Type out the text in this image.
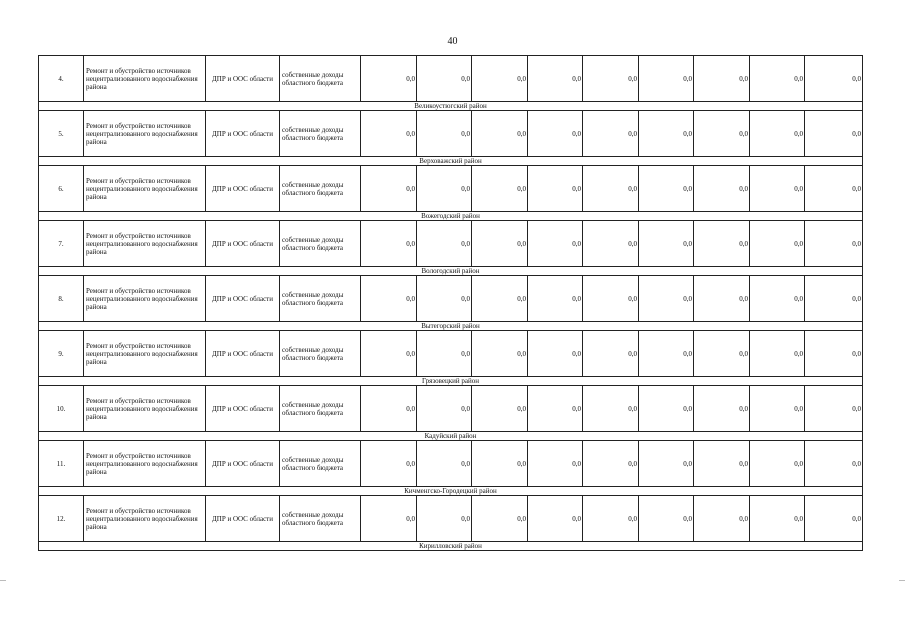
40
4.	Ремонт и обустройство источников нецентрализованного водоснабжения района	ДПР и ООС области	собственные доходы областного бюджета	0,0	0,0	0,0	0,0	0,0	0,0	0,0	0,0	0,0
Великоустюгский район												
5.	Ремонт и обустройство источников нецентрализованного водоснабжения района	ДПР и ООС области	собственные доходы областного бюджета	0,0	0,0	0,0	0,0	0,0	0,0	0,0	0,0	0,0
Верховажский район												
6.	Ремонт и обустройство источников нецентрализованного водоснабжения района	ДПР и ООС области	собственные доходы областного бюджета	0,0	0,0	0,0	0,0	0,0	0,0	0,0	0,0	0,0
Вожегодский район												
7.	Ремонт и обустройство источников нецентрализованного водоснабжения района	ДПР и ООС области	собственные доходы областного бюджета	0,0	0,0	0,0	0,0	0,0	0,0	0,0	0,0	0,0
Вологодский район												
8.	Ремонт и обустройство источников нецентрализованного водоснабжения района	ДПР и ООС области	собственные доходы областного бюджета	0,0	0,0	0,0	0,0	0,0	0,0	0,0	0,0	0,0
Вытегорский район												
9.	Ремонт и обустройство источников нецентрализованного водоснабжения района	ДПР и ООС области	собственные доходы областного бюджета	0,0	0,0	0,0	0,0	0,0	0,0	0,0	0,0	0,0
Грязовецкий район												
10.	Ремонт и обустройство источников нецентрализованного водоснабжения района	ДПР и ООС области	собственные доходы областного бюджета	0,0	0,0	0,0	0,0	0,0	0,0	0,0	0,0	0,0
Кадуйский район												
11.	Ремонт и обустройство источников нецентрализованного водоснабжения района	ДПР и ООС области	собственные доходы областного бюджета	0,0	0,0	0,0	0,0	0,0	0,0	0,0	0,0	0,0
Кичменгско-Городецкий район												
12.	Ремонт и обустройство источников нецентрализованного водоснабжения района	ДПР и ООС области	собственные доходы областного бюджета	0,0	0,0	0,0	0,0	0,0	0,0	0,0	0,0	0,0
Кирилловский район												
